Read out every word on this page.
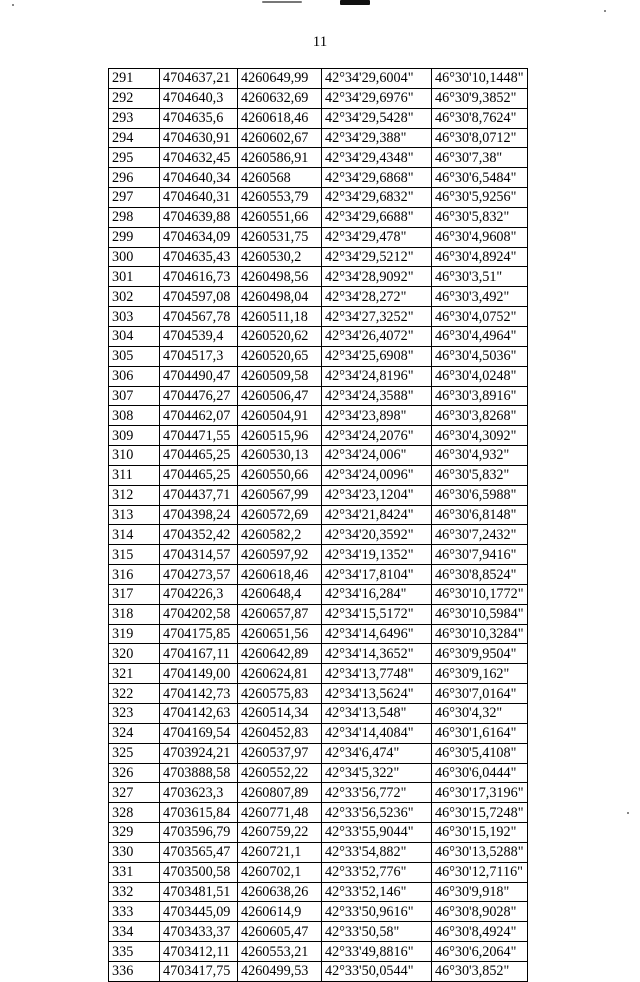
11
291	4704637,21	4260649,99	42°34'29,6004"	46°30'10,1448"
292	4704640,3	4260632,69	42°34'29,6976"	46°30'9,3852"
293	4704635,6	4260618,46	42°34'29,5428"	46°30'8,7624"
294	4704630,91	4260602,67	42°34'29,388"	46°30'8,0712"
295	4704632,45	4260586,91	42°34'29,4348"	46°30'7,38"
296	4704640,34	4260568	42°34'29,6868"	46°30'6,5484"
297	4704640,31	4260553,79	42°34'29,6832"	46°30'5,9256"
298	4704639,88	4260551,66	42°34'29,6688"	46°30'5,832"
299	4704634,09	4260531,75	42°34'29,478"	46°30'4,9608"
300	4704635,43	4260530,2	42°34'29,5212"	46°30'4,8924"
301	4704616,73	4260498,56	42°34'28,9092"	46°30'3,51"
302	4704597,08	4260498,04	42°34'28,272"	46°30'3,492"
303	4704567,78	4260511,18	42°34'27,3252"	46°30'4,0752"
304	4704539,4	4260520,62	42°34'26,4072"	46°30'4,4964"
305	4704517,3	4260520,65	42°34'25,6908"	46°30'4,5036"
306	4704490,47	4260509,58	42°34'24,8196"	46°30'4,0248"
307	4704476,27	4260506,47	42°34'24,3588"	46°30'3,8916"
308	4704462,07	4260504,91	42°34'23,898"	46°30'3,8268"
309	4704471,55	4260515,96	42°34'24,2076"	46°30'4,3092"
310	4704465,25	4260530,13	42°34'24,006"	46°30'4,932"
311	4704465,25	4260550,66	42°34'24,0096"	46°30'5,832"
312	4704437,71	4260567,99	42°34'23,1204"	46°30'6,5988"
313	4704398,24	4260572,69	42°34'21,8424"	46°30'6,8148"
314	4704352,42	4260582,2	42°34'20,3592"	46°30'7,2432"
315	4704314,57	4260597,92	42°34'19,1352"	46°30'7,9416"
316	4704273,57	4260618,46	42°34'17,8104"	46°30'8,8524"
317	4704226,3	4260648,4	42°34'16,284"	46°30'10,1772"
318	4704202,58	4260657,87	42°34'15,5172"	46°30'10,5984"
319	4704175,85	4260651,56	42°34'14,6496"	46°30'10,3284"
320	4704167,11	4260642,89	42°34'14,3652"	46°30'9,9504"
321	4704149,00	4260624,81	42°34'13,7748"	46°30'9,162"
322	4704142,73	4260575,83	42°34'13,5624"	46°30'7,0164"
323	4704142,63	4260514,34	42°34'13,548"	46°30'4,32"
324	4704169,54	4260452,83	42°34'14,4084"	46°30'1,6164"
325	4703924,21	4260537,97	42°34'6,474"	46°30'5,4108"
326	4703888,58	4260552,22	42°34'5,322"	46°30'6,0444"
327	4703623,3	4260807,89	42°33'56,772"	46°30'17,3196"
328	4703615,84	4260771,48	42°33'56,5236"	46°30'15,7248"
329	4703596,79	4260759,22	42°33'55,9044"	46°30'15,192"
330	4703565,47	4260721,1	42°33'54,882"	46°30'13,5288"
331	4703500,58	4260702,1	42°33'52,776"	46°30'12,7116"
332	4703481,51	4260638,26	42°33'52,146"	46°30'9,918"
333	4703445,09	4260614,9	42°33'50,9616"	46°30'8,9028"
334	4703433,37	4260605,47	42°33'50,58"	46°30'8,4924"
335	4703412,11	4260553,21	42°33'49,8816"	46°30'6,2064"
336	4703417,75	4260499,53	42°33'50,0544"	46°30'3,852"
